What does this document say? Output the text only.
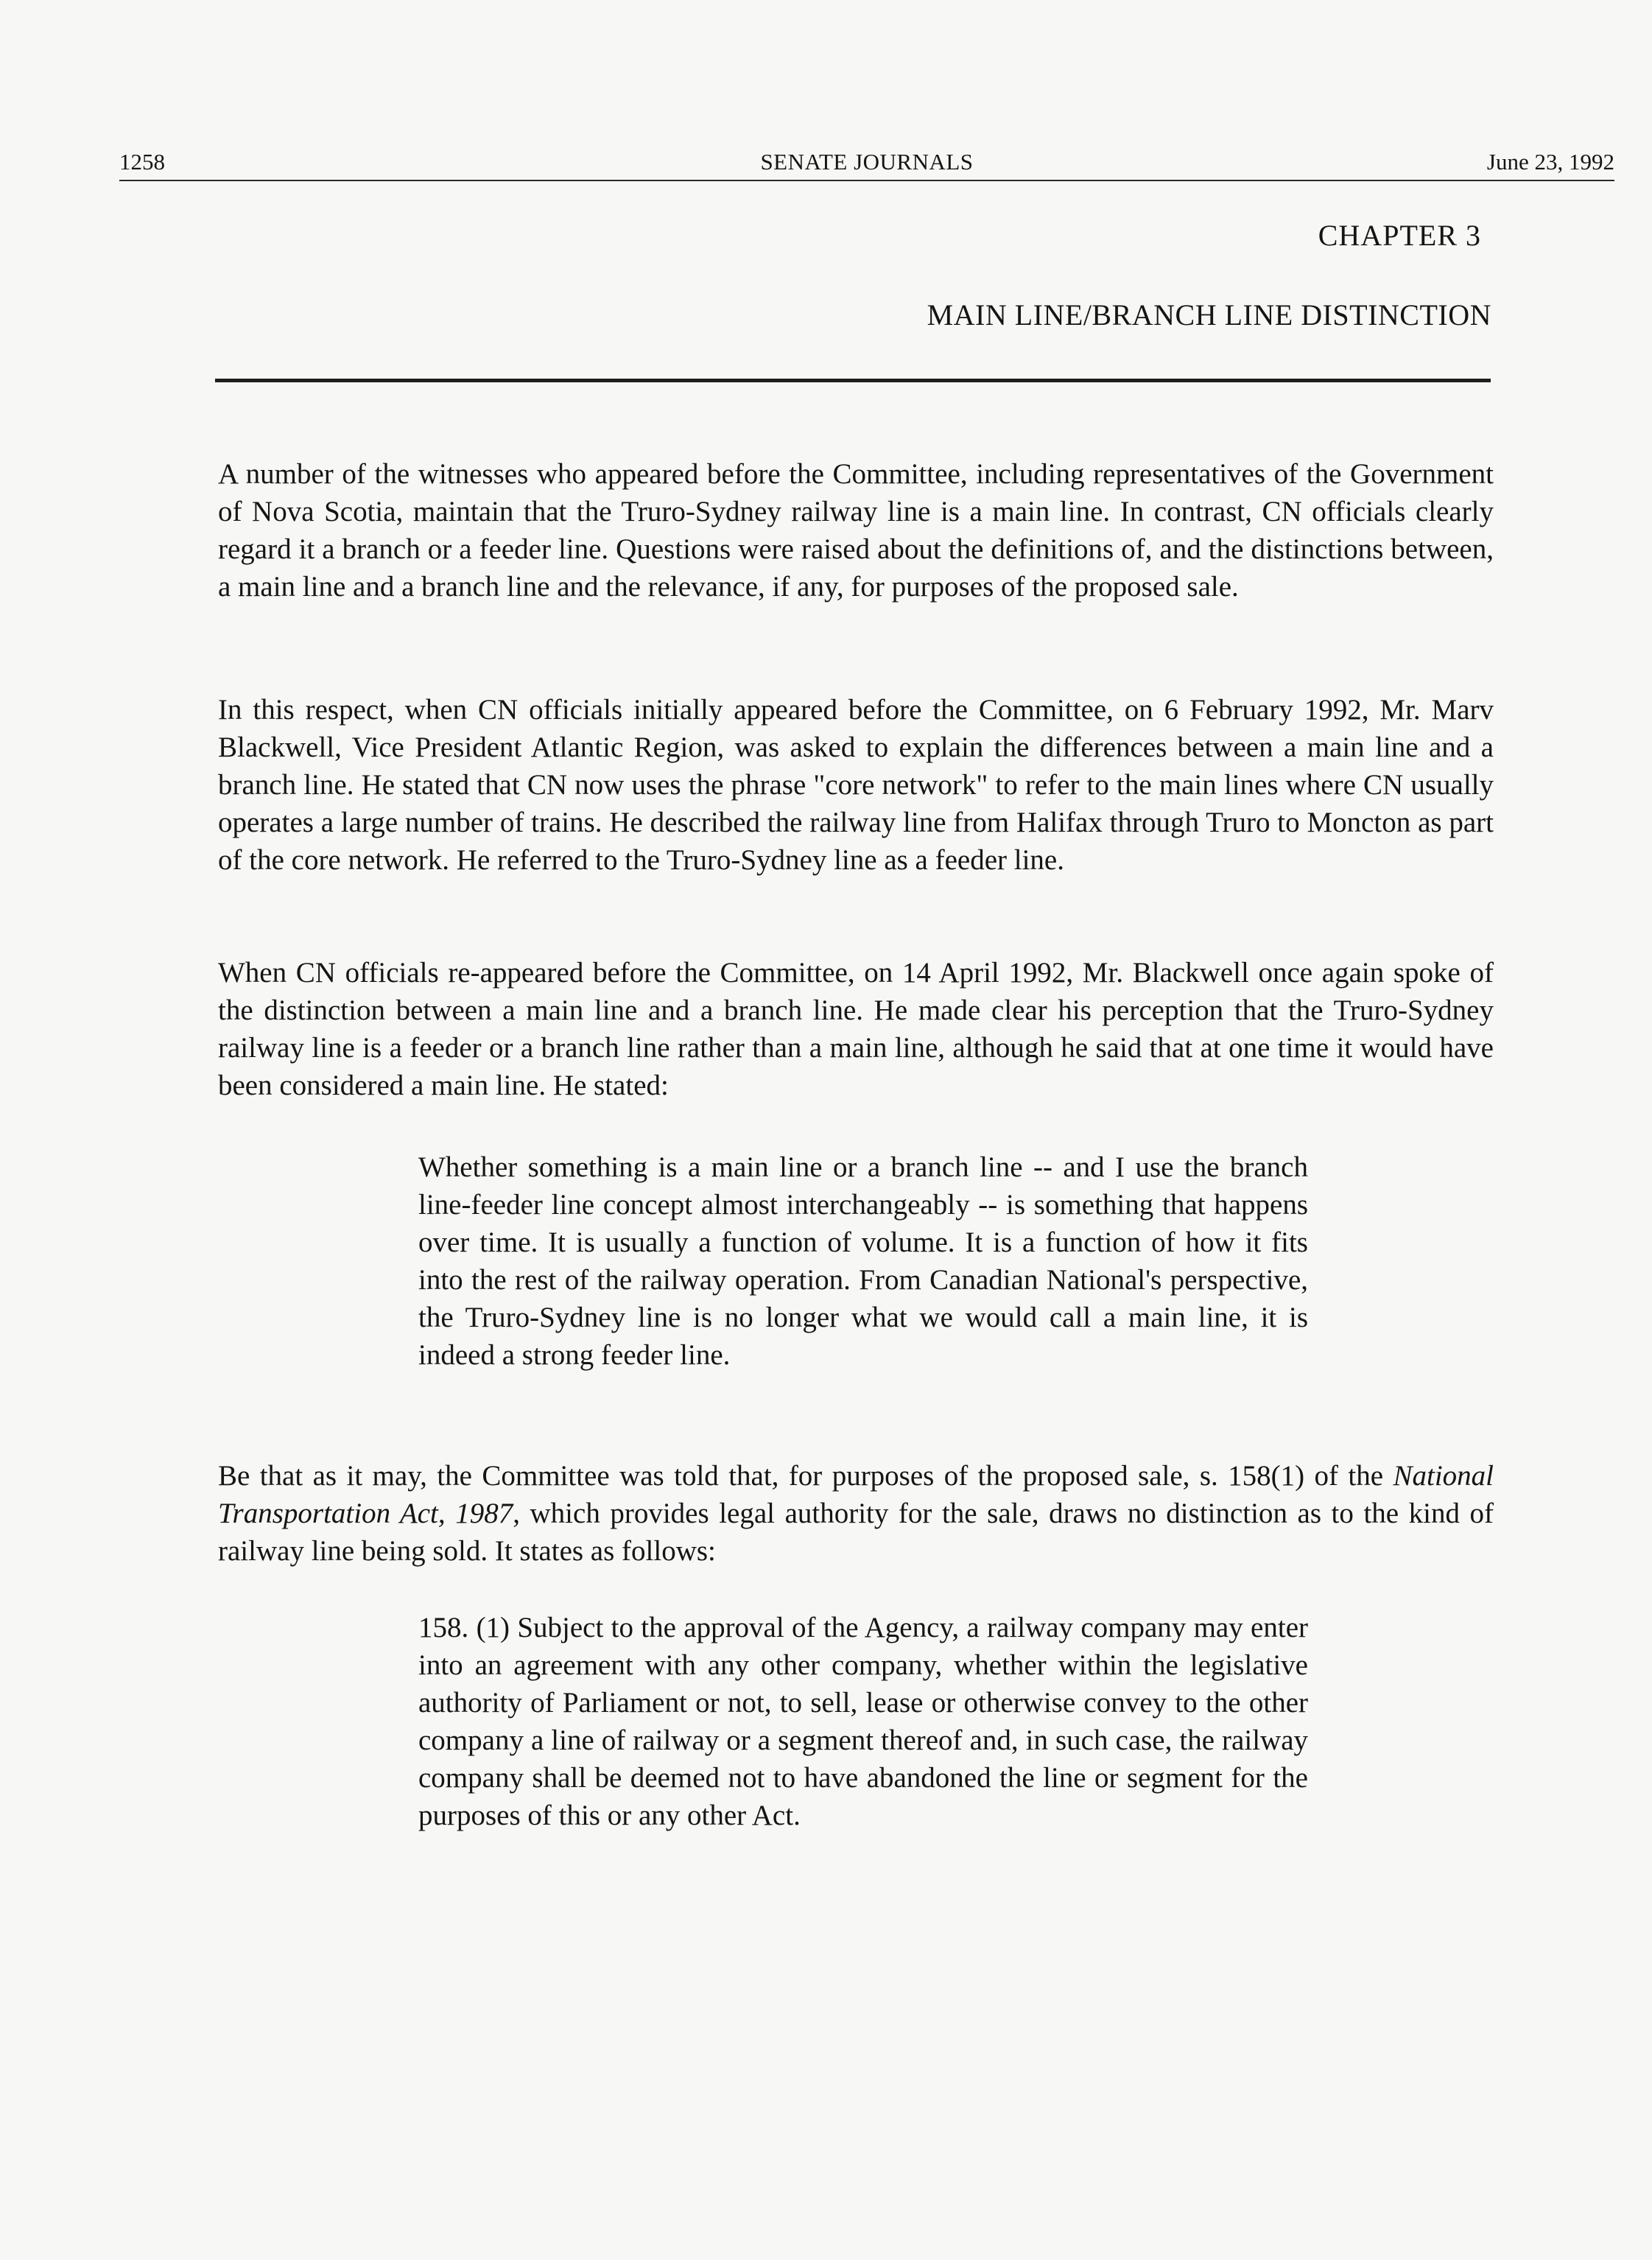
1258	SENATE JOURNALS	June 23, 1992
CHAPTER 3
MAIN LINE/BRANCH LINE DISTINCTION

A number of the witnesses who appeared before the Committee, including representatives of the Government of Nova Scotia, maintain that the Truro-Sydney railway line is a main line. In contrast, CN officials clearly regard it a branch or a feeder line. Questions were raised about the definitions of, and the distinctions between, a main line and a branch line and the relevance, if any, for purposes of the proposed sale.

In this respect, when CN officials initially appeared before the Committee, on 6 February 1992, Mr. Marv Blackwell, Vice President Atlantic Region, was asked to explain the differences between a main line and a branch line. He stated that CN now uses the phrase "core network" to refer to the main lines where CN usually operates a large number of trains. He described the railway line from Halifax through Truro to Moncton as part of the core network. He referred to the Truro-Sydney line as a feeder line.

When CN officials re-appeared before the Committee, on 14 April 1992, Mr. Blackwell once again spoke of the distinction between a main line and a branch line. He made clear his perception that the Truro-Sydney railway line is a feeder or a branch line rather than a main line, although he said that at one time it would have been considered a main line. He stated:

Whether something is a main line or a branch line -- and I use the branch line-feeder line concept almost interchangeably -- is something that happens over time. It is usually a function of volume. It is a function of how it fits into the rest of the railway operation. From Canadian National's perspective, the Truro-Sydney line is no longer what we would call a main line, it is indeed a strong feeder line.

Be that as it may, the Committee was told that, for purposes of the proposed sale, s. 158(1) of the National Transportation Act, 1987, which provides legal authority for the sale, draws no distinction as to the kind of railway line being sold. It states as follows:

158. (1) Subject to the approval of the Agency, a railway company may enter into an agreement with any other company, whether within the legislative authority of Parliament or not, to sell, lease or otherwise convey to the other company a line of railway or a segment thereof and, in such case, the railway company shall be deemed not to have abandoned the line or segment for the purposes of this or any other Act.
